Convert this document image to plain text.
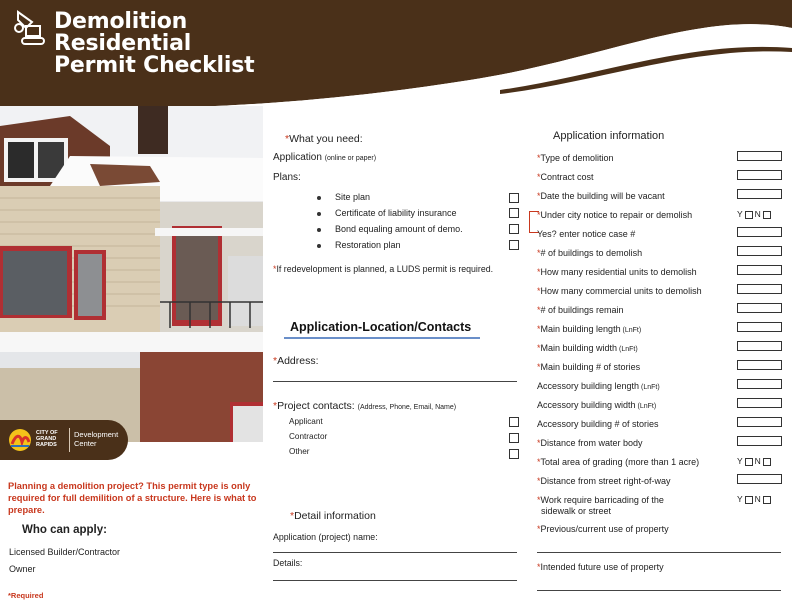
Demolition
Residential
Permit Checklist
CITY OF GRAND RAPIDS
Development
Center
Planning a demolition project? This permit type is only required for full demilition of a structure. Here is what to prepare.
Who can apply:
Licensed Builder/Contractor
Owner
*Required
*What you need:
Application (online or paper)
Plans:
Site plan
Certificate of liability insurance
Bond equaling amount of demo.
Restoration plan
*If redevelopment is planned, a LUDS permit is required.
Application-Location/Contacts
*Address:
*Project contacts: (Address, Phone, Email, Name)
Applicant
Contractor
Other
*Detail information
Application (project) name:
Details:
Application information
*Type of demolition
*Contract cost
*Date the building will be vacant
*Under city notice to repair or demolish	Y N
Yes? enter notice case #
*# of buildings to demolish
*How many residential units to demolish
*How many commercial units to demolish
*# of buildings remain
*Main building length (LnFt)
*Main building width (LnFt)
*Main building # of stories
Accessory building length (LnFt)
Accessory building width (LnFt)
Accessory building # of stories
*Distance from water body
*Total area of grading (more than 1 acre)	Y N
*Distance from street right-of-way
*Work require barricading of the
sidewalk or street
Y N
*Previous/current use of property
*Intended future use of property
